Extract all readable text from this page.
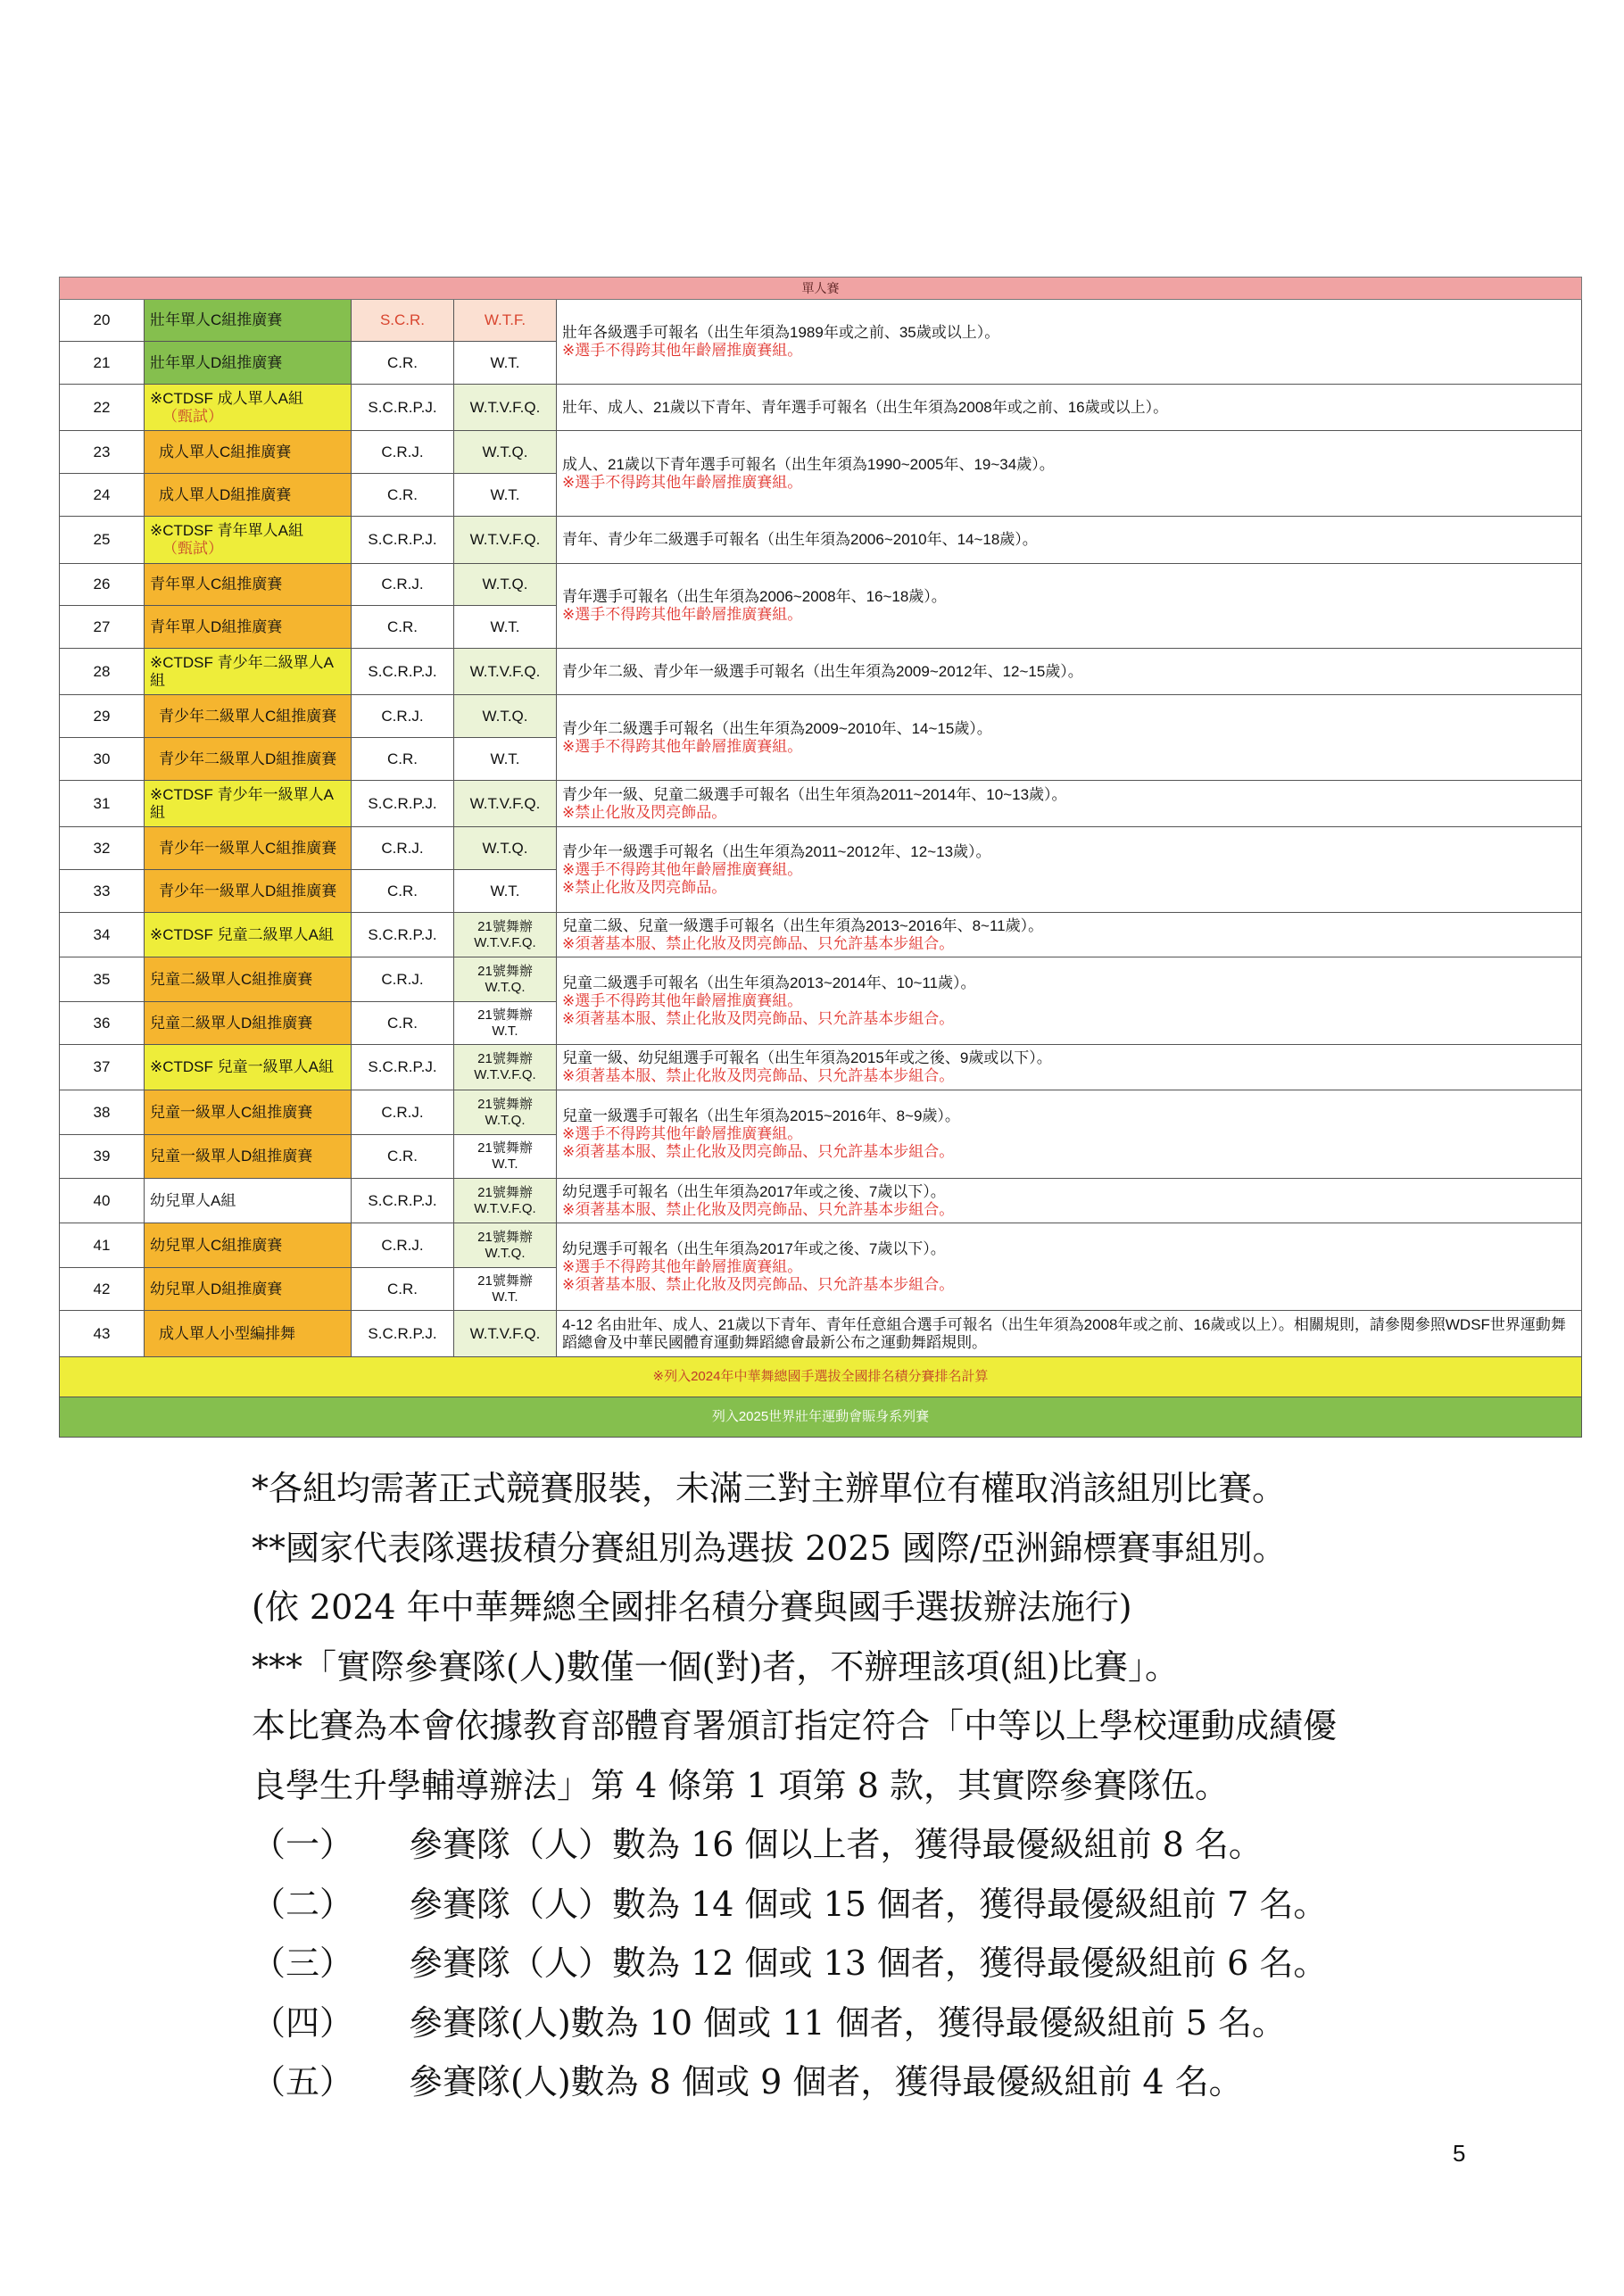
單人賽				
20	壯年單人C組推廣賽	S.C.R.	W.T.F.	壯年各級選手可報名（出生年須為1989年或之前、35歲或以上）。
※選手不得跨其他年齡層推廣賽組。

21	壯年單人D組推廣賽	C.R.	W.T.	

22	※CTDSF 成人單人A組
（甄試）	S.C.R.P.J.	W.T.V.F.Q.	壯年、成人、21歲以下青年、青年選手可報名（出生年須為2008年或之前、16歲或以上）。

23	成人單人C組推廣賽	C.R.J.	W.T.Q.	成人、21歲以下青年選手可報名（出生年須為1990~2005年、19~34歲）。
※選手不得跨其他年齡層推廣賽組。

24	成人單人D組推廣賽	C.R.	W.T.	

25	※CTDSF 青年單人A組
（甄試）	S.C.R.P.J.	W.T.V.F.Q.	青年、青少年二級選手可報名（出生年須為2006~2010年、14~18歲）。

26	青年單人C組推廣賽	C.R.J.	W.T.Q.	青年選手可報名（出生年須為2006~2008年、16~18歲）。
※選手不得跨其他年齡層推廣賽組。

27	青年單人D組推廣賽	C.R.	W.T.	

28	※CTDSF 青少年二級單人A組	S.C.R.P.J.	W.T.V.F.Q.	青少年二級、青少年一級選手可報名（出生年須為2009~2012年、12~15歲）。

29	青少年二級單人C組推廣賽	C.R.J.	W.T.Q.	青少年二級選手可報名（出生年須為2009~2010年、14~15歲）。
※選手不得跨其他年齡層推廣賽組。

30	青少年二級單人D組推廣賽	C.R.	W.T.	

31	※CTDSF 青少年一級單人A組	S.C.R.P.J.	W.T.V.F.Q.	青少年一級、兒童二級選手可報名（出生年須為2011~2014年、10~13歲）。
※禁止化妝及閃亮飾品。

32	青少年一級單人C組推廣賽	C.R.J.	W.T.Q.	青少年一級選手可報名（出生年須為2011~2012年、12~13歲）。
※選手不得跨其他年齡層推廣賽組。
※禁止化妝及閃亮飾品。

33	青少年一級單人D組推廣賽	C.R.	W.T.	

34	※CTDSF 兒童二級單人A組	S.C.R.P.J.	21號舞辦
W.T.V.F.Q.	兒童二級、兒童一級選手可報名（出生年須為2013~2016年、8~11歲）。
※須著基本服、禁止化妝及閃亮飾品、只允許基本步組合。

35	兒童二級單人C組推廣賽	C.R.J.	21號舞辦
W.T.Q.	兒童二級選手可報名（出生年須為2013~2014年、10~11歲）。
※選手不得跨其他年齡層推廣賽組。
※須著基本服、禁止化妝及閃亮飾品、只允許基本步組合。

36	兒童二級單人D組推廣賽	C.R.	21號舞辦
W.T.	

37	※CTDSF 兒童一級單人A組	S.C.R.P.J.	21號舞辦
W.T.V.F.Q.	兒童一級、幼兒組選手可報名（出生年須為2015年或之後、9歲或以下）。
※須著基本服、禁止化妝及閃亮飾品、只允許基本步組合。

38	兒童一級單人C組推廣賽	C.R.J.	21號舞辦
W.T.Q.	兒童一級選手可報名（出生年須為2015~2016年、8~9歲）。
※選手不得跨其他年齡層推廣賽組。
※須著基本服、禁止化妝及閃亮飾品、只允許基本步組合。

39	兒童一級單人D組推廣賽	C.R.	21號舞辦
W.T.	

40	幼兒單人A組	S.C.R.P.J.	21號舞辦
W.T.V.F.Q.	幼兒選手可報名（出生年須為2017年或之後、7歲以下）。
※須著基本服、禁止化妝及閃亮飾品、只允許基本步組合。

41	幼兒單人C組推廣賽	C.R.J.	21號舞辦
W.T.Q.	幼兒選手可報名（出生年須為2017年或之後、7歲以下）。
※選手不得跨其他年齡層推廣賽組。
※須著基本服、禁止化妝及閃亮飾品、只允許基本步組合。

42	幼兒單人D組推廣賽	C.R.	21號舞辦
W.T.	

43	成人單人小型編排舞	S.C.R.P.J.	W.T.V.F.Q.	4-12 名由壯年、成人、21歲以下青年、青年任意組合選手可報名（出生年須為2008年或之前、16歲或以上）。相關規則，請參閱參照WDSF世界運動舞蹈總會及中華民國體育運動舞蹈總會最新公布之運動舞蹈規則。

※列入2024年中華舞總國手選拔全國排名積分賽排名計算				
列入2025世界壯年運動會賑身系列賽				
*各組均需著正式競賽服裝，未滿三對主辦單位有權取消該組別比賽。
**國家代表隊選拔積分賽組別為選拔 2025 國際/亞洲錦標賽事組別。
(依 2024 年中華舞總全國排名積分賽與國手選拔辦法施行)
***「實際參賽隊(人)數僅一個(對)者，不辦理該項(組)比賽」。
本比賽為本會依據教育部體育署頒訂指定符合「中等以上學校運動成績優
良學生升學輔導辦法」第 4 條第 1 項第 8 款，其實際參賽隊伍。
（一） 參賽隊（人）數為 16 個以上者，獲得最優級組前 8 名。
（二） 參賽隊（人）數為 14 個或 15 個者，獲得最優級組前 7 名。
（三） 參賽隊（人）數為 12 個或 13 個者，獲得最優級組前 6 名。
（四） 參賽隊(人)數為 10 個或 11 個者，獲得最優級組前 5 名。
（五） 參賽隊(人)數為 8 個或 9 個者，獲得最優級組前 4 名。
5
